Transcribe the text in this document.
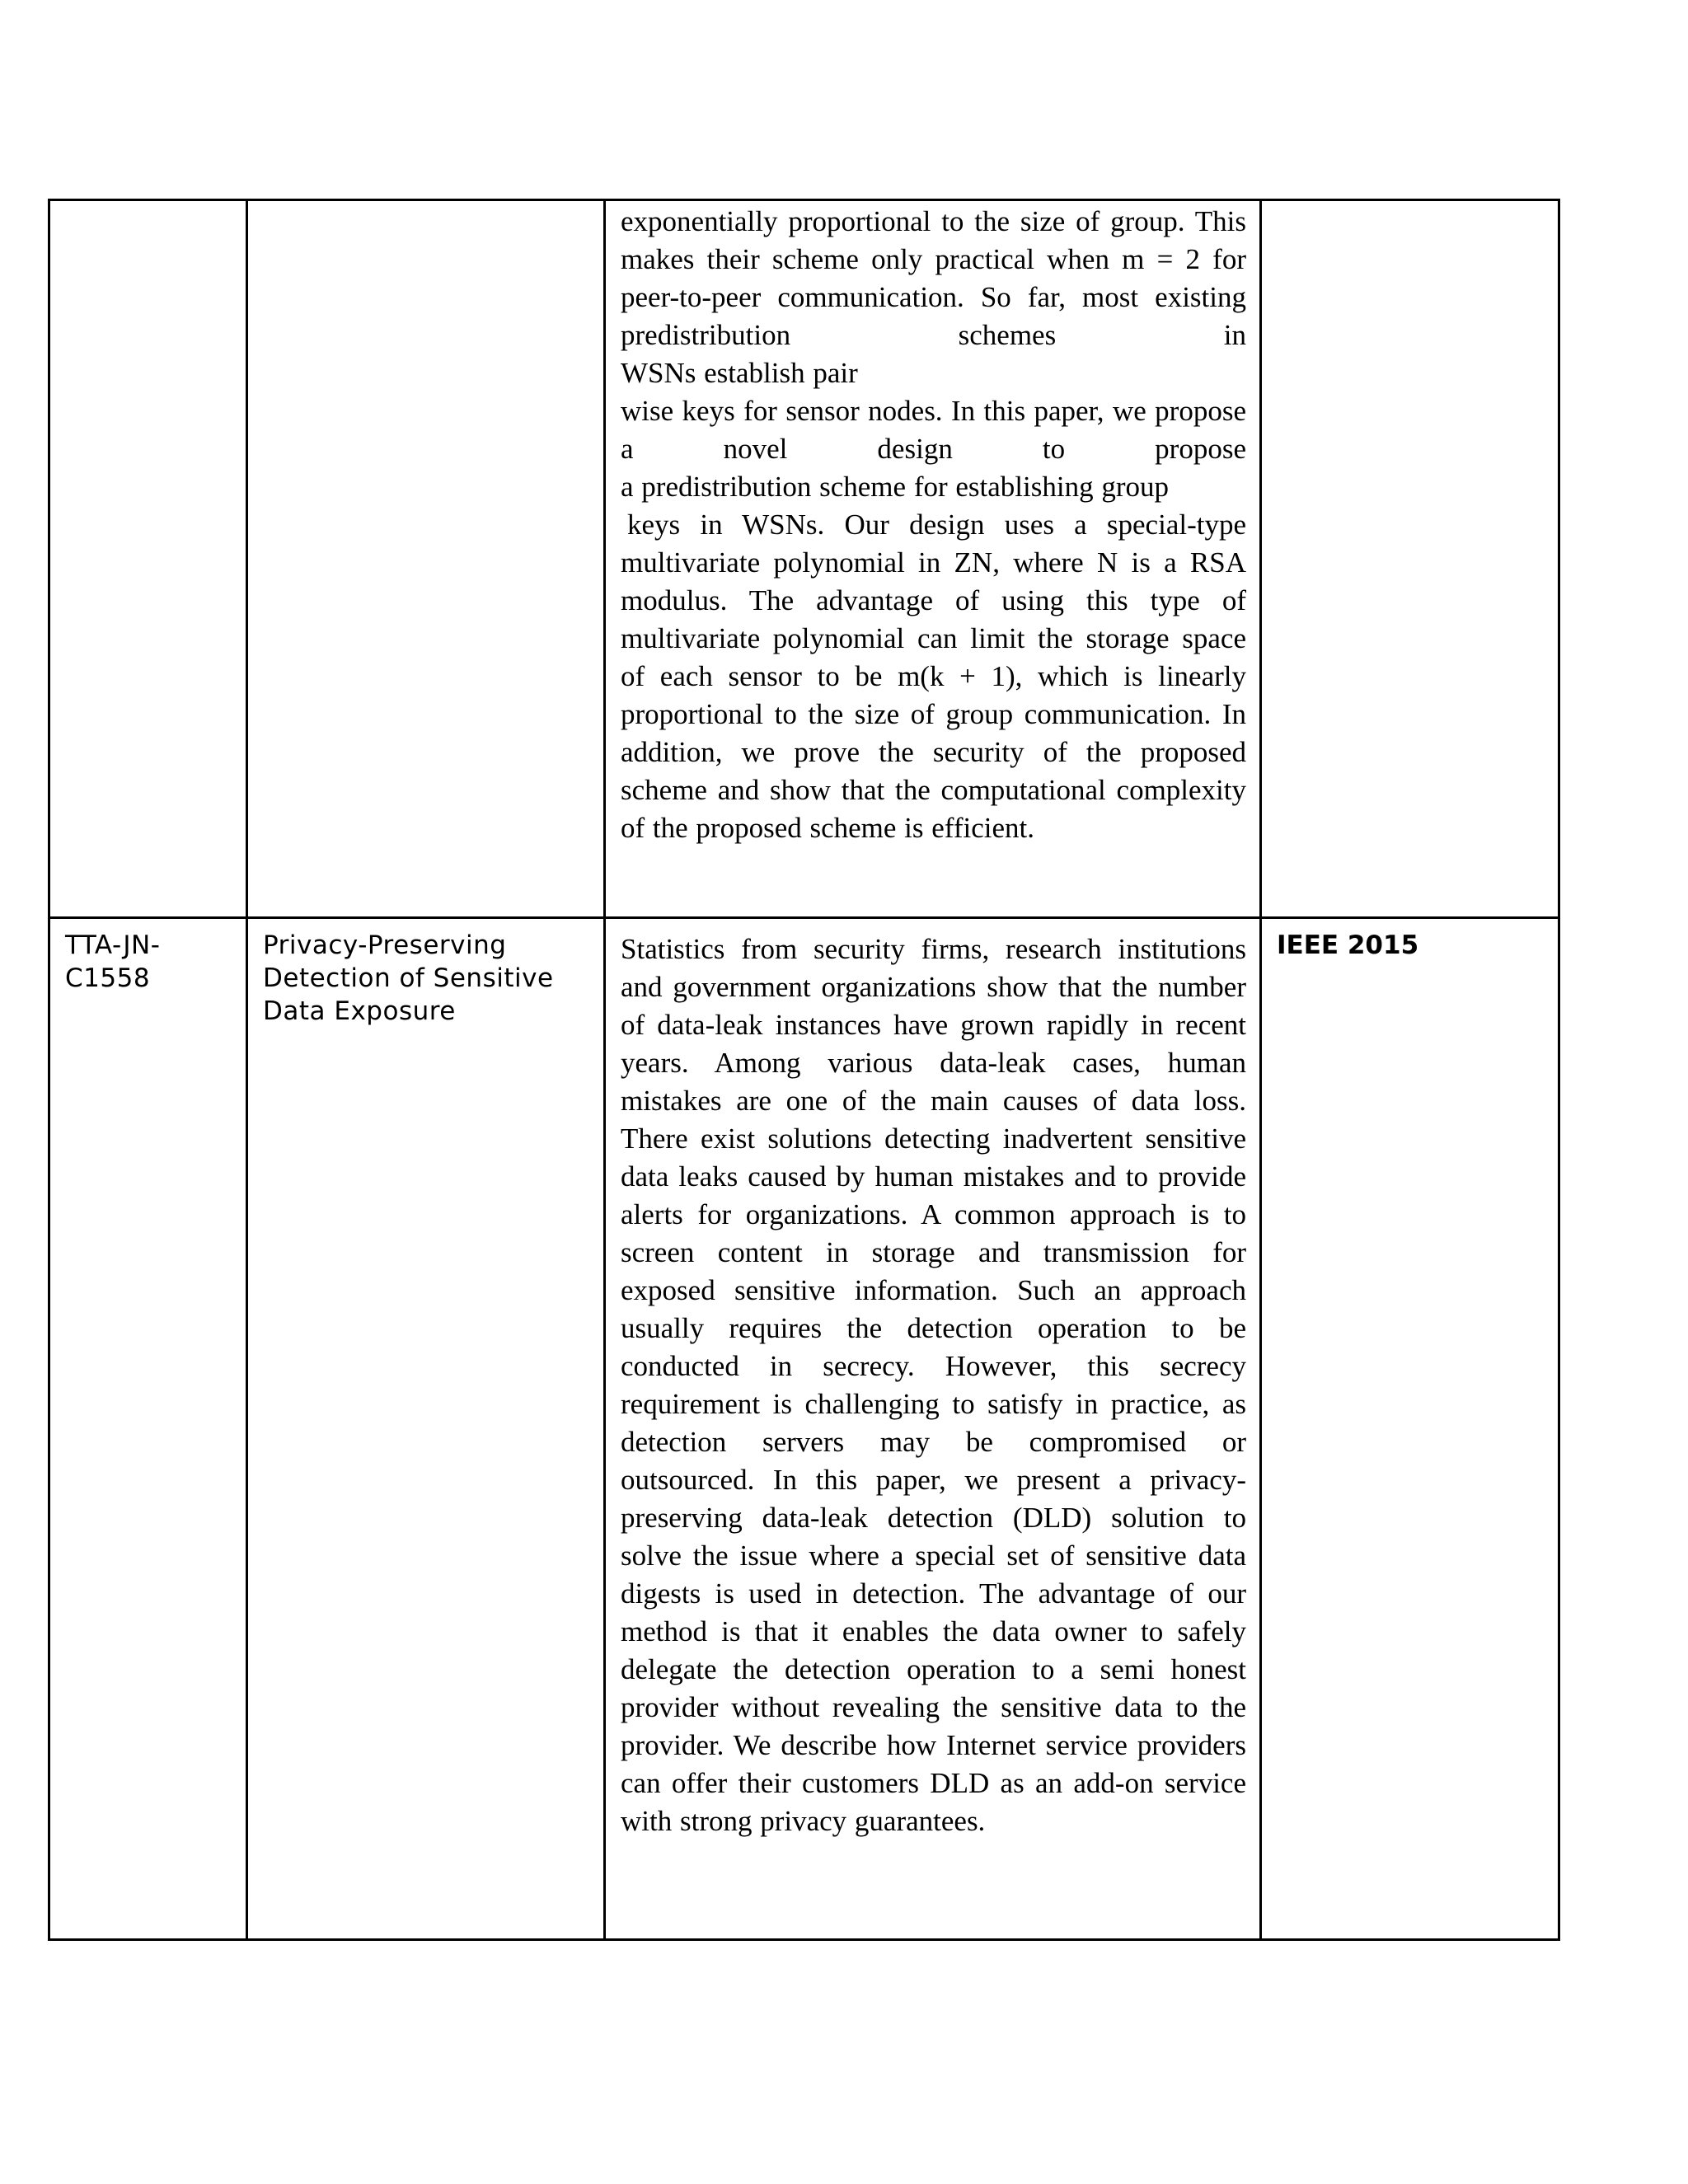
		exponentially proportional to the size of group. This makes their scheme only practical when m = 2 for peer-to-peer communication. So far, most existing predistribution schemes in
WSNs establish pair
wise keys for sensor nodes. In this paper, we propose a novel design to propose
a predistribution scheme for establishing group
keys in WSNs. Our design uses a special-type multivariate polynomial in ZN, where N is a RSA modulus. The advantage of using this type of multivariate polynomial can limit the storage space of each sensor to be m(k + 1), which is linearly proportional to the size of group communication. In addition, we prove the security of the proposed scheme and show that the computational complexity of the proposed scheme is efficient.	

TTA-JN-C1558	Privacy-Preserving Detection of Sensitive Data Exposure	Statistics from security firms, research institutions and government organizations show that the number of data-leak instances have grown rapidly in recent years. Among various data-leak cases, human mistakes are one of the main causes of data loss. There exist solutions detecting inadvertent sensitive data leaks caused by human mistakes and to provide alerts for organizations. A common approach is to screen content in storage and transmission for exposed sensitive information. Such an approach usually requires the detection operation to be conducted in secrecy. However, this secrecy requirement is challenging to satisfy in practice, as detection servers may be compromised or outsourced. In this paper, we present a privacy-preserving data-leak detection (DLD) solution to solve the issue where a special set of sensitive data digests is used in detection. The advantage of our method is that it enables the data owner to safely delegate the detection operation to a semi honest provider without revealing the sensitive data to the provider. We describe how Internet service providers can offer their customers DLD as an add-on service with strong privacy guarantees.	IEEE 2015
